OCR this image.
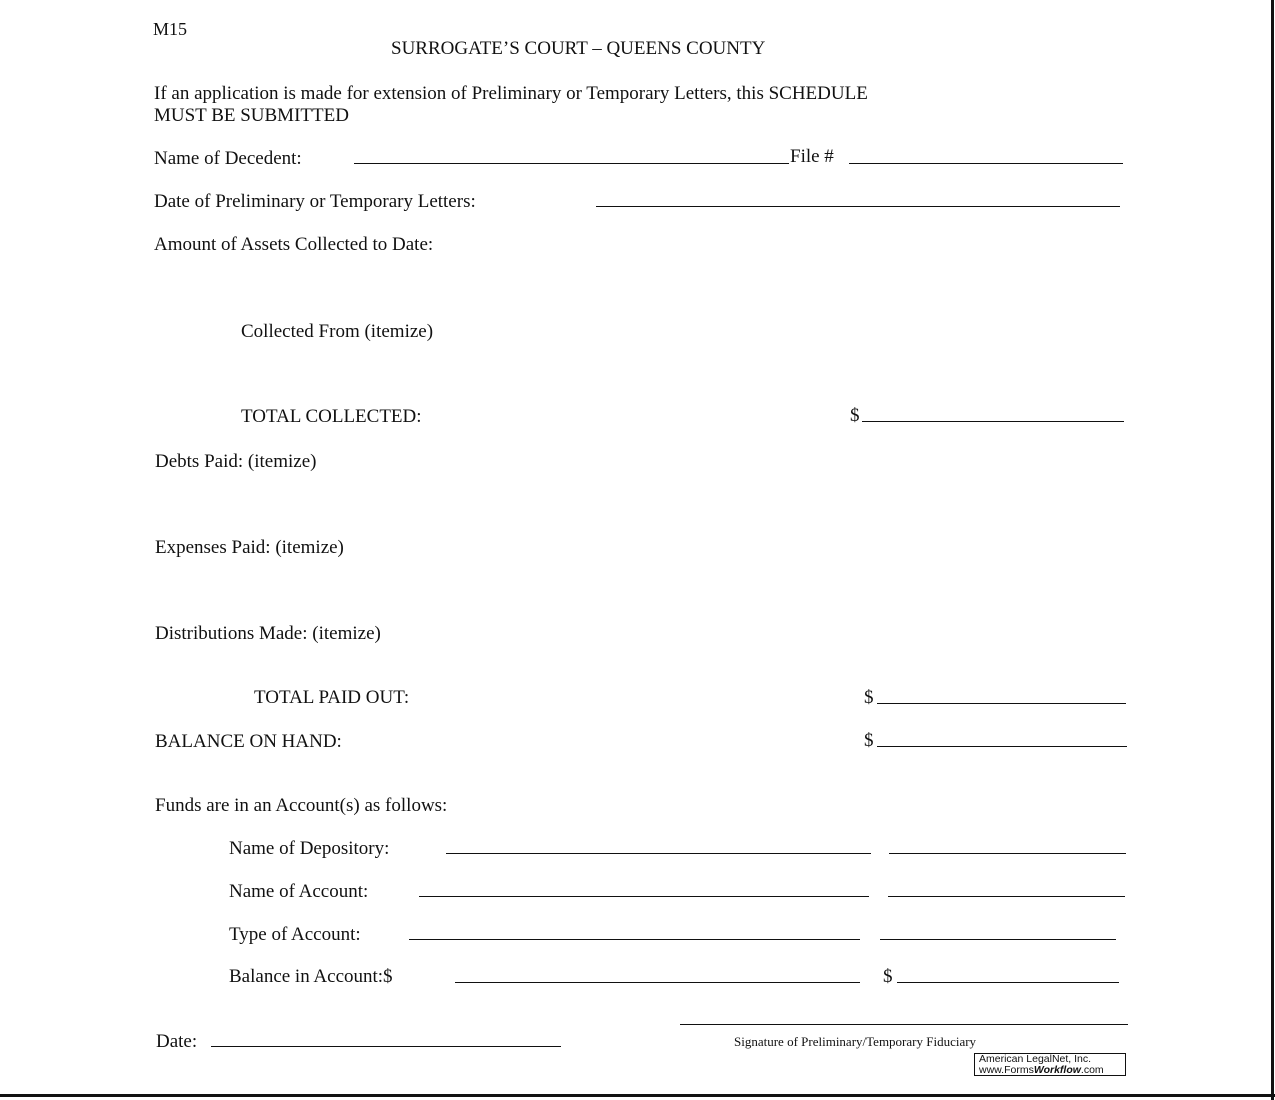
M15
SURROGATE’S COURT – QUEENS COUNTY
If an application is made for extension of Preliminary or Temporary Letters, this SCHEDULE
MUST BE SUBMITTED
Name of Decedent:	File #
Date of Preliminary or Temporary Letters:
Amount of Assets Collected to Date:
Collected From (itemize)
TOTAL COLLECTED:	$
Debts Paid: (itemize)
Expenses Paid: (itemize)
Distributions Made: (itemize)
TOTAL PAID OUT:	$
BALANCE ON HAND:	$
Funds are in an Account(s) as follows:
Name of Depository:
Name of Account:
Type of Account:
Balance in Account:$	$
Date:	Signature of Preliminary/Temporary Fiduciary
American LegalNet, Inc.
www.FormsWorkflow.com
